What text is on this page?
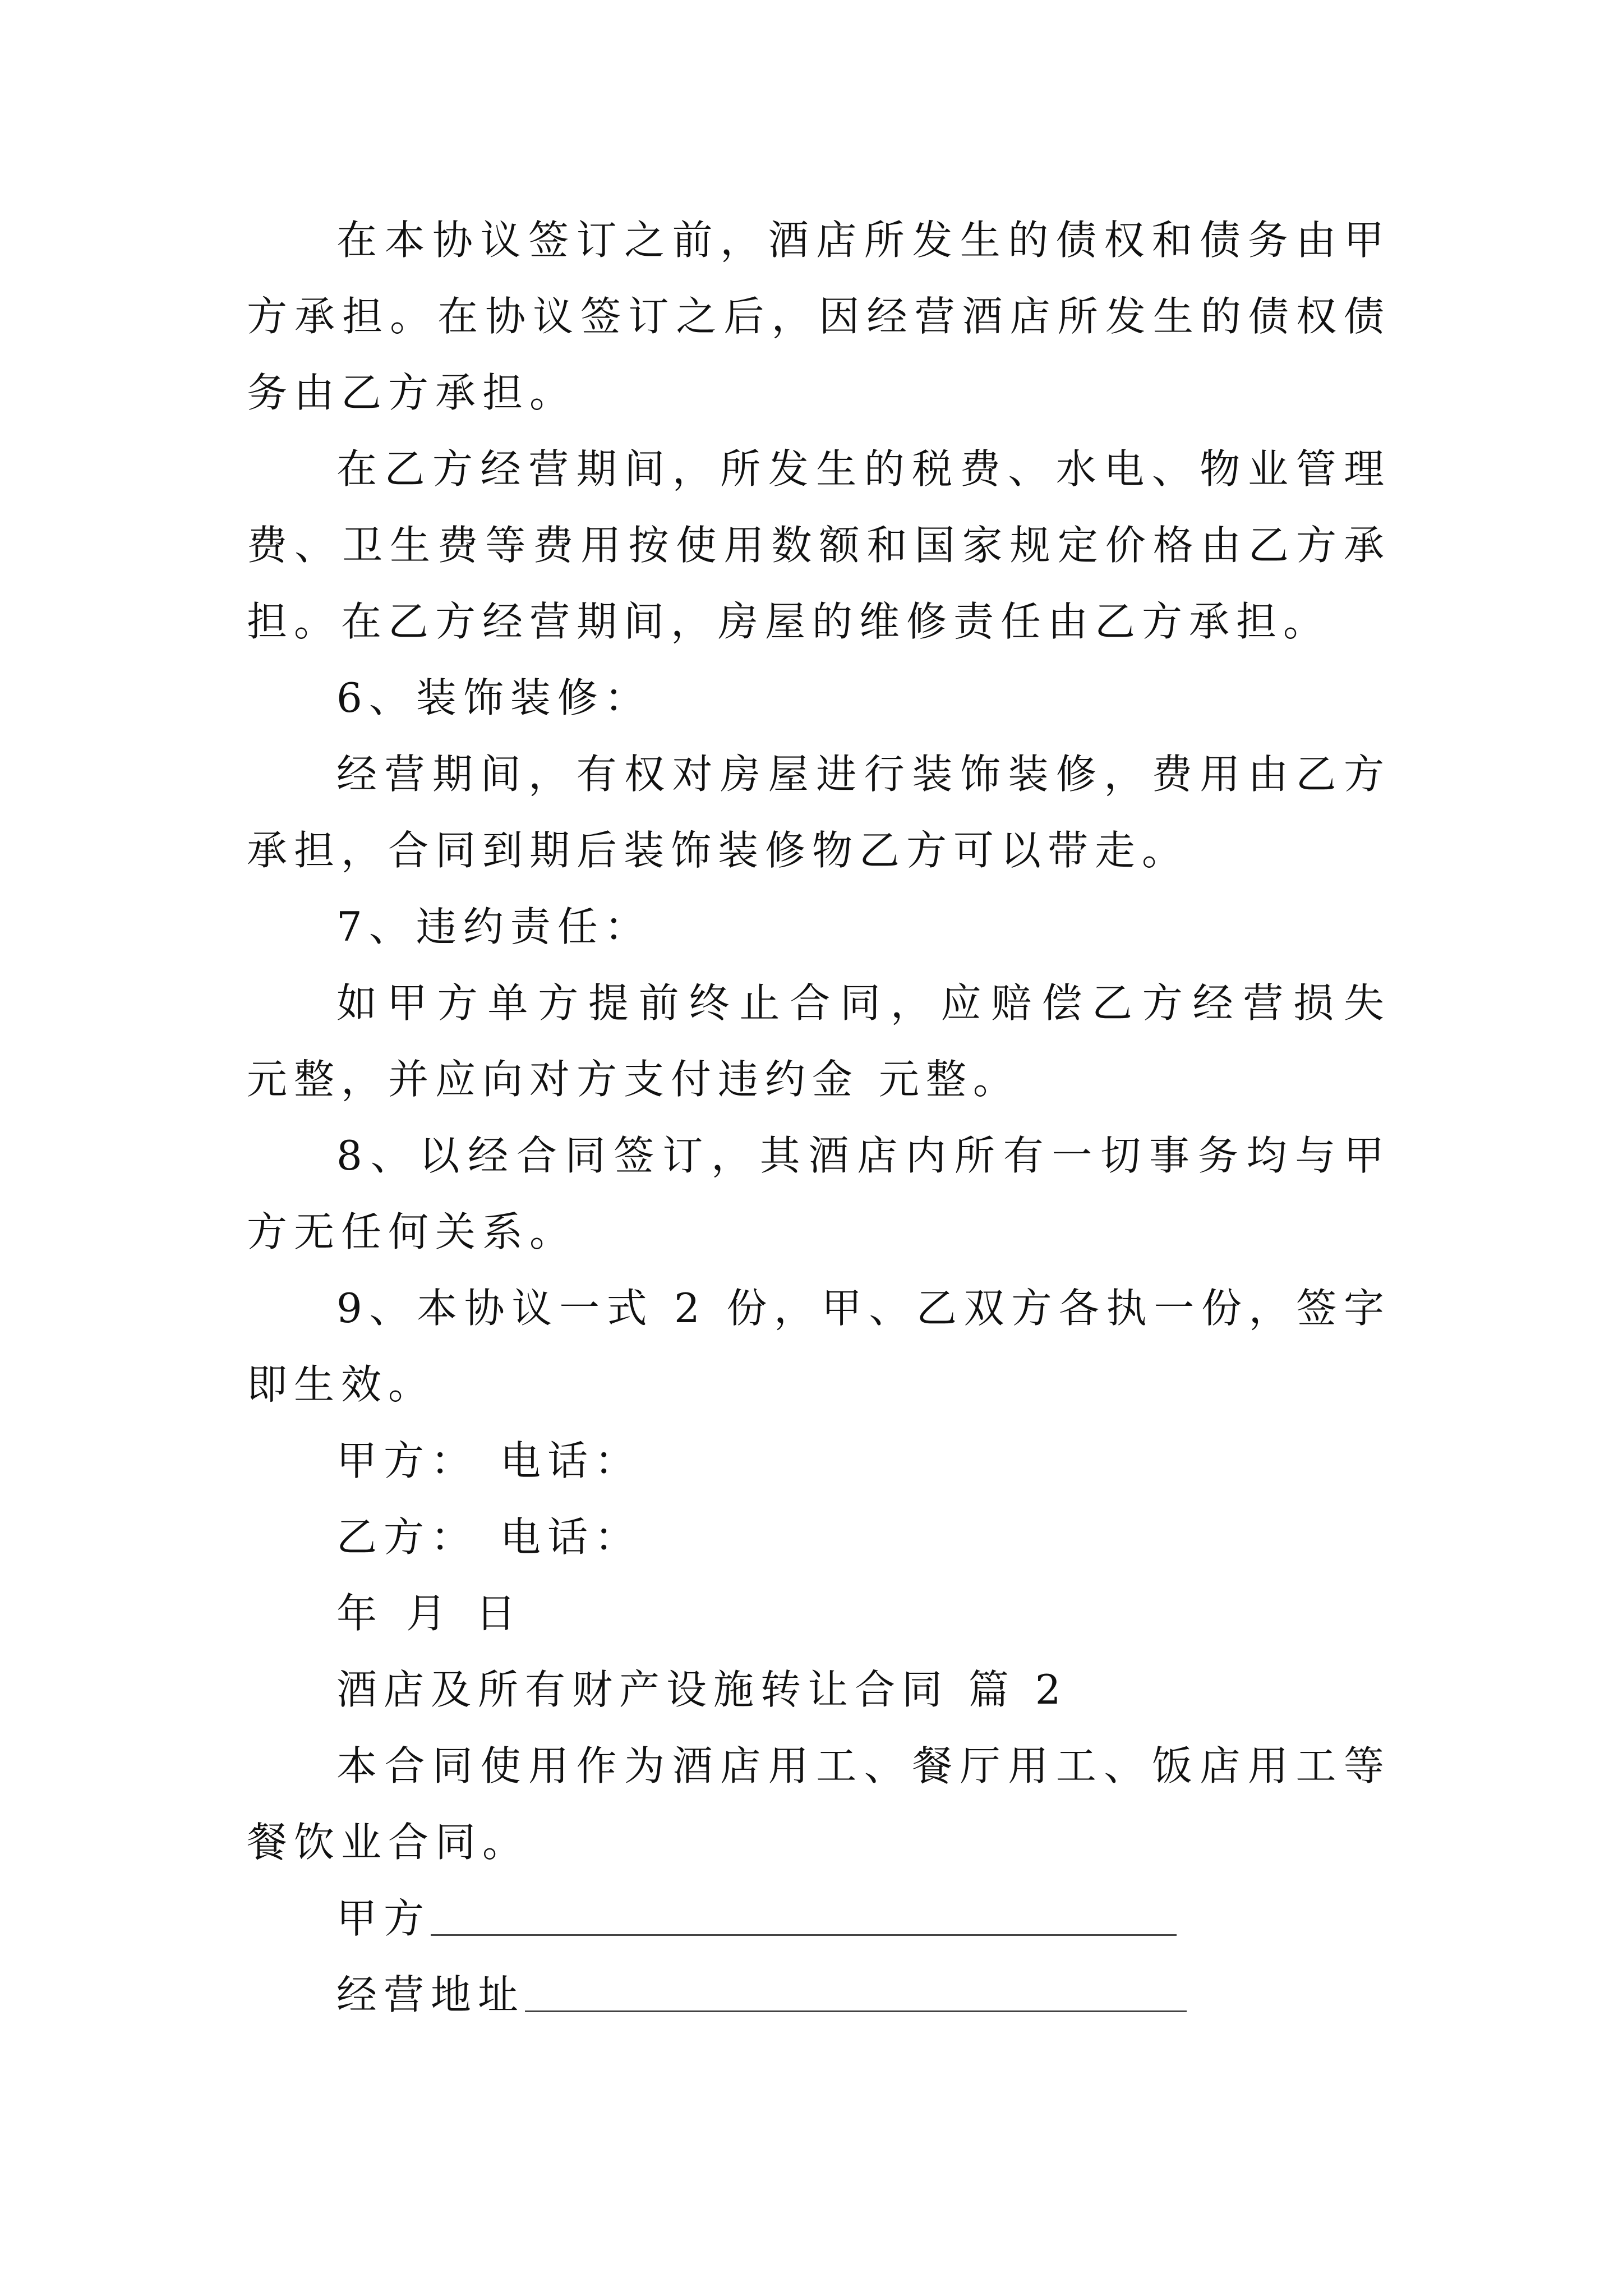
在本协议签订之前，酒店所发生的债权和债务由甲方承担。在协议签订之后，因经营酒店所发生的债权债务由乙方承担。

在乙方经营期间，所发生的税费、水电、物业管理费、卫生费等费用按使用数额和国家规定价格由乙方承担。在乙方经营期间，房屋的维修责任由乙方承担。

6、装饰装修：

经营期间，有权对房屋进行装饰装修，费用由乙方承担，合同到期后装饰装修物乙方可以带走。

7、违约责任：

如甲方单方提前终止合同，应赔偿乙方经营损失 元整，并应向对方支付违约金 元整。

8、以经合同签订，其酒店内所有一切事务均与甲方无任何关系。

9、本协议一式 2 份，甲、乙双方各执一份，签字即生效。

甲方： 电话：
乙方： 电话：
年 月 日
酒店及所有财产设施转让合同 篇 2

本合同使用作为酒店用工、餐厅用工、饭店用工等餐饮业合同。

甲方
经营地址
